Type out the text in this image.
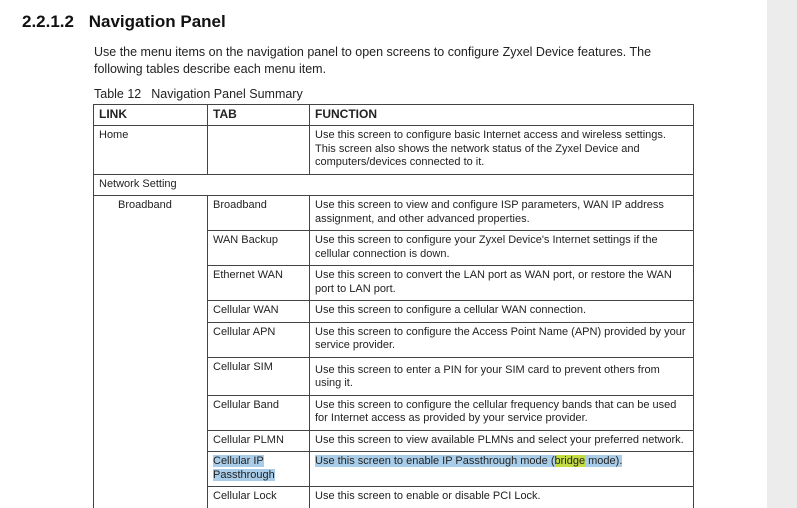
2.2.1.2 Navigation Panel
Use the menu items on the navigation panel to open screens to configure Zyxel Device features. The following tables describe each menu item.
Table 12 Navigation Panel Summary
LINK	TAB	FUNCTION
Home		Use this screen to configure basic Internet access and wireless settings. This screen also shows the network status of the Zyxel Device and computers/devices connected to it.
Network Setting		
Broadband	Broadband	Use this screen to view and configure ISP parameters, WAN IP address assignment, and other advanced properties.
	WAN Backup	Use this screen to configure your Zyxel Device's Internet settings if the cellular connection is down.
	Ethernet WAN	Use this screen to convert the LAN port as WAN port, or restore the WAN port to LAN port.
	Cellular WAN	Use this screen to configure a cellular WAN connection.
	Cellular APN	Use this screen to configure the Access Point Name (APN) provided by your service provider.
	Cellular SIM	Use this screen to enter a PIN for your SIM card to prevent others from using it.
	Cellular Band	Use this screen to configure the cellular frequency bands that can be used for Internet access as provided by your service provider.
	Cellular PLMN	Use this screen to view available PLMNs and select your preferred network.
	Cellular IP Passthrough	Use this screen to enable IP Passthrough mode (bridge mode).
	Cellular Lock	Use this screen to enable or disable PCI Lock.
